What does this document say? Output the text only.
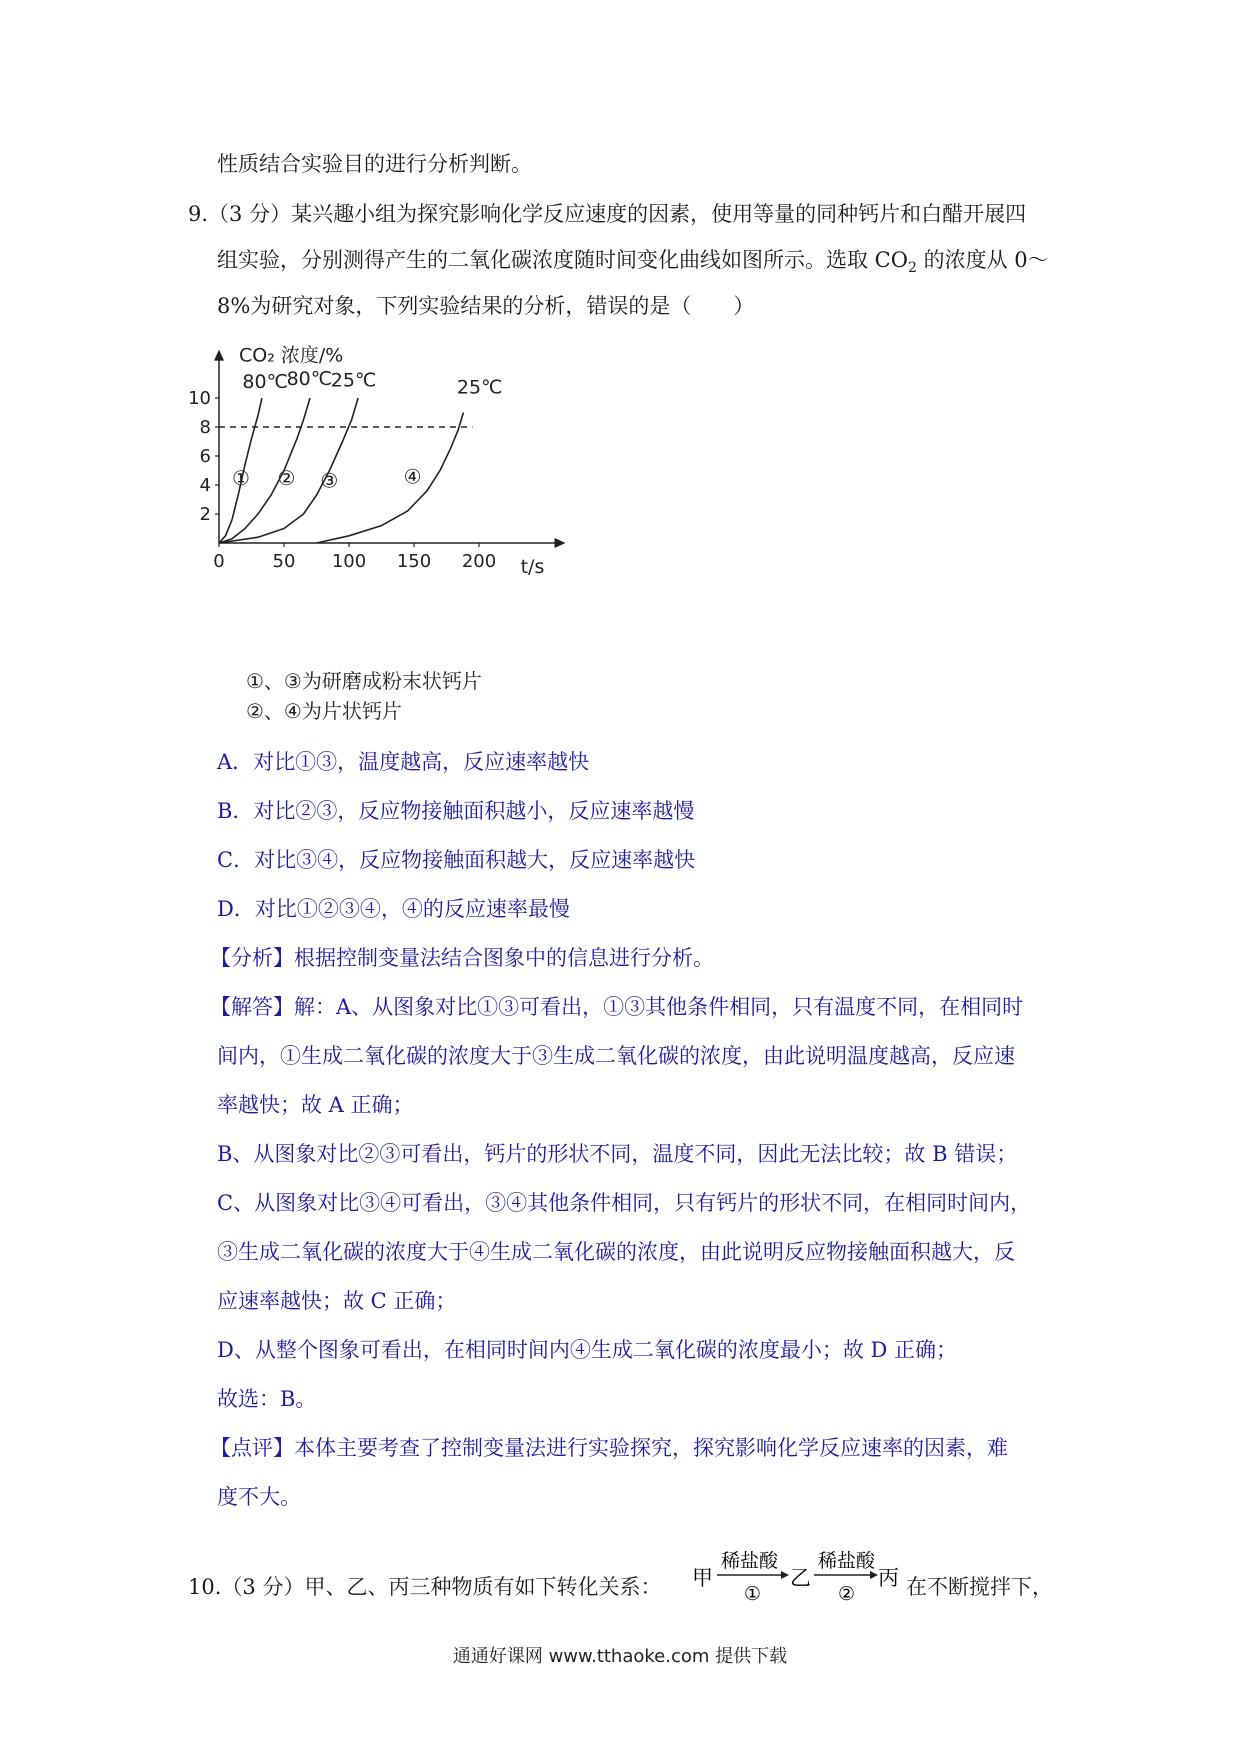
性质结合实验目的进行分析判断。
9.（3 分）某兴趣小组为探究影响化学反应速度的因素，使用等量的同种钙片和白醋开展四
组实验，分别测得产生的二氧化碳浓度随时间变化曲线如图所示。选取 $CO_2$ 的浓度从 0～
8%为研究对象，下列实验结果的分析，错误的是（　　）
2
4
6
8
10
0	50 100 150 200
CO₂ 浓度/%
t/s
①
80℃
②
80℃
③
25℃
④
25℃
①、③为研磨成粉末状钙片
②、④为片状钙片
A．对比①③，温度越高，反应速率越快
B．对比②③，反应物接触面积越小，反应速率越慢
C．对比③④，反应物接触面积越大，反应速率越快
D．对比①②③④，④的反应速率最慢
【分析】根据控制变量法结合图象中的信息进行分析。
【解答】解：A、从图象对比①③可看出，①③其他条件相同，只有温度不同，在相同时
间内，①生成二氧化碳的浓度大于③生成二氧化碳的浓度，由此说明温度越高，反应速
率越快；故 A 正确；
B、从图象对比②③可看出，钙片的形状不同，温度不同，因此无法比较；故 B 错误；
C、从图象对比③④可看出，③④其他条件相同，只有钙片的形状不同，在相同时间内，
③生成二氧化碳的浓度大于④生成二氧化碳的浓度，由此说明反应物接触面积越大，反
应速率越快；故 C 正确；
D、从整个图象可看出，在相同时间内④生成二氧化碳的浓度最小；故 D 正确；
故选：B。
【点评】本体主要考查了控制变量法进行实验探究，探究影响化学反应速率的因素，难
度不大。
10.（3 分）甲、乙、丙三种物质有如下转化关系： 甲
稀盐酸
①
乙
稀盐酸
②
丙 在不断搅拌下，
通通好课网 www.tthaoke.com 提供下载
